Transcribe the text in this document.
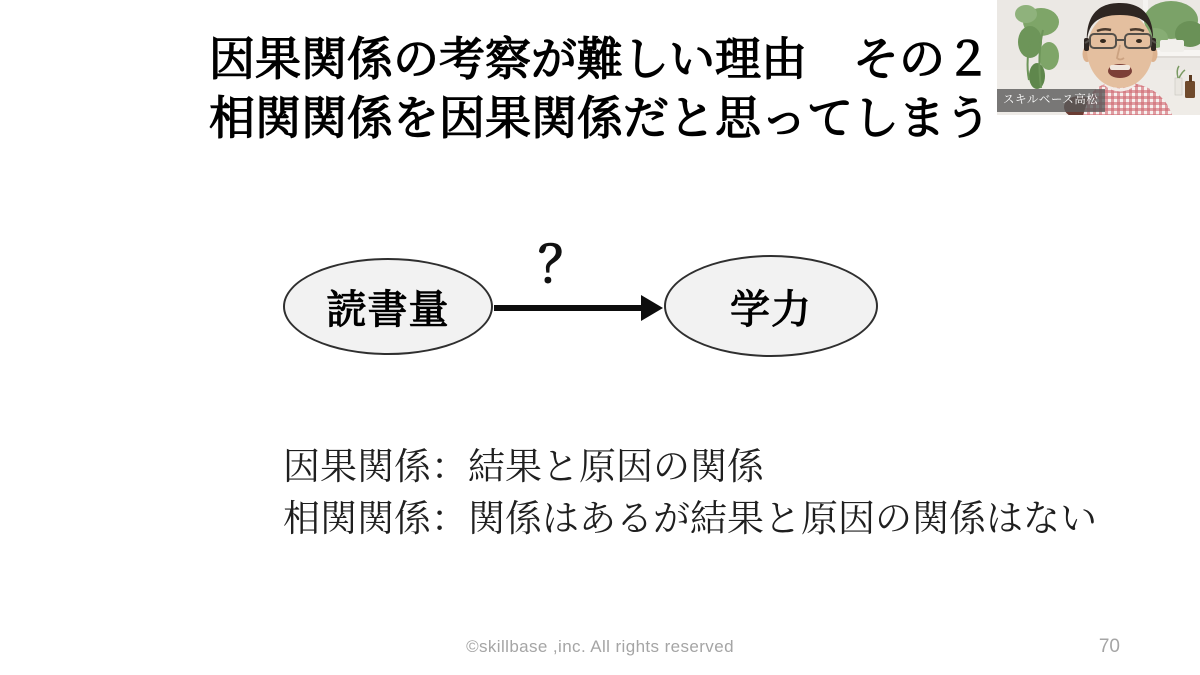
因果関係の考察が難しい理由　その２
相関関係を因果関係だと思ってしまう
読書量
？
学力
因果関係：結果と原因の関係
相関関係：関係はあるが結果と原因の関係はない
©skillbase ,inc. All rights reserved	70
スキルベース高松
